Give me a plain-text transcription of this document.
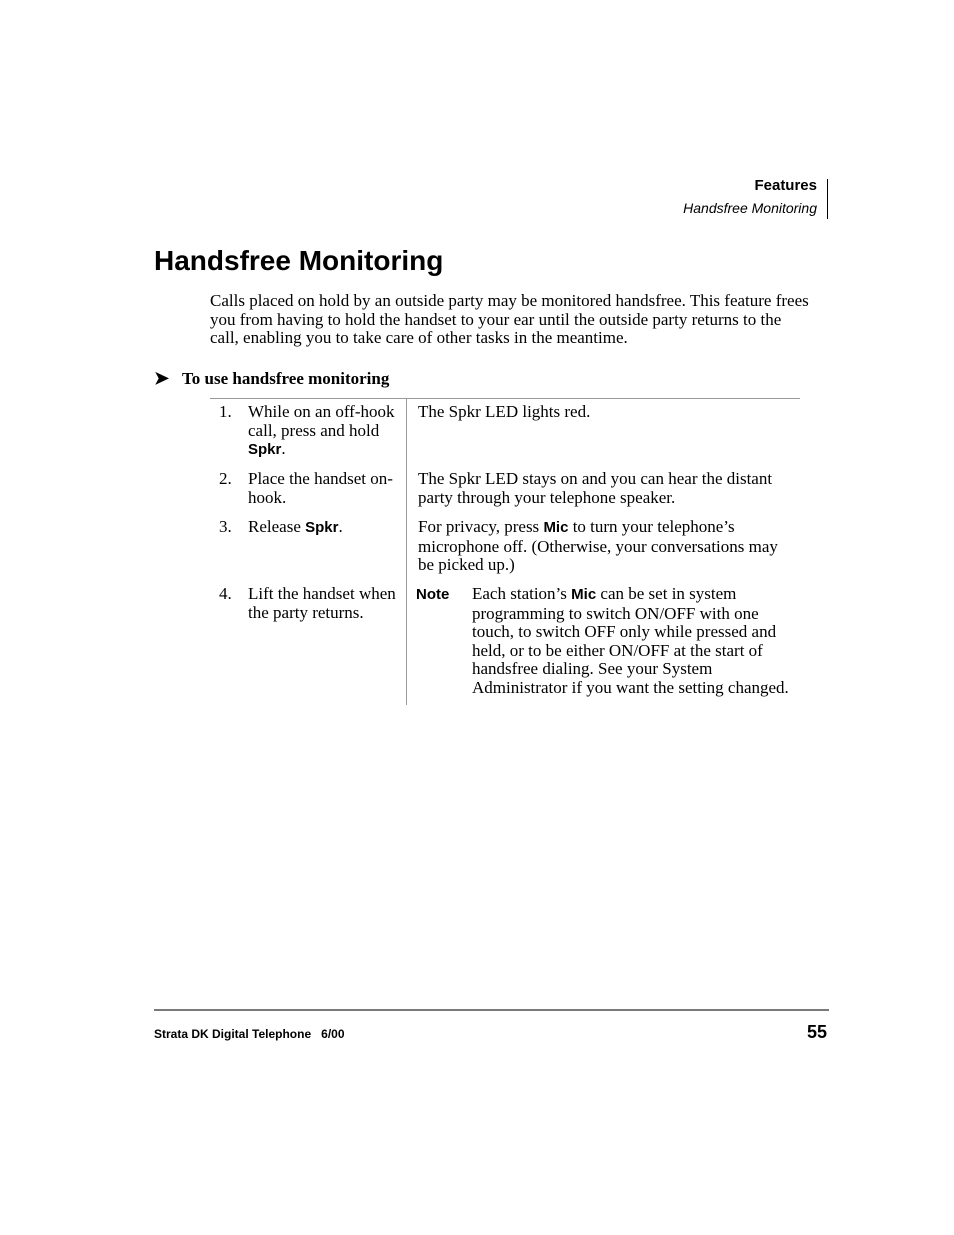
Features
Handsfree Monitoring
Handsfree Monitoring

Calls placed on hold by an outside party may be monitored handsfree. This feature frees you from having to hold the handset to your ear until the outside party returns to the call, enabling you to take care of other tasks in the meantime.

➤ To use handsfree monitoring
1. While on an off-hook call, press and hold Spkr.
The Spkr LED lights red.
2. Place the handset on-hook.
The Spkr LED stays on and you can hear the distant party through your telephone speaker.
3. Release Spkr.	For privacy, press Mic to turn your telephone’s microphone off. (Otherwise, your conversations may be picked up.)
4. Lift the handset when the party returns.
Note Each station’s Mic can be set in system programming to switch ON/OFF with one touch, to switch OFF only while pressed and held, or to be either ON/OFF at the start of handsfree dialing. See your System Administrator if you want the setting changed.
Strata DK Digital Telephone 6/00	55
